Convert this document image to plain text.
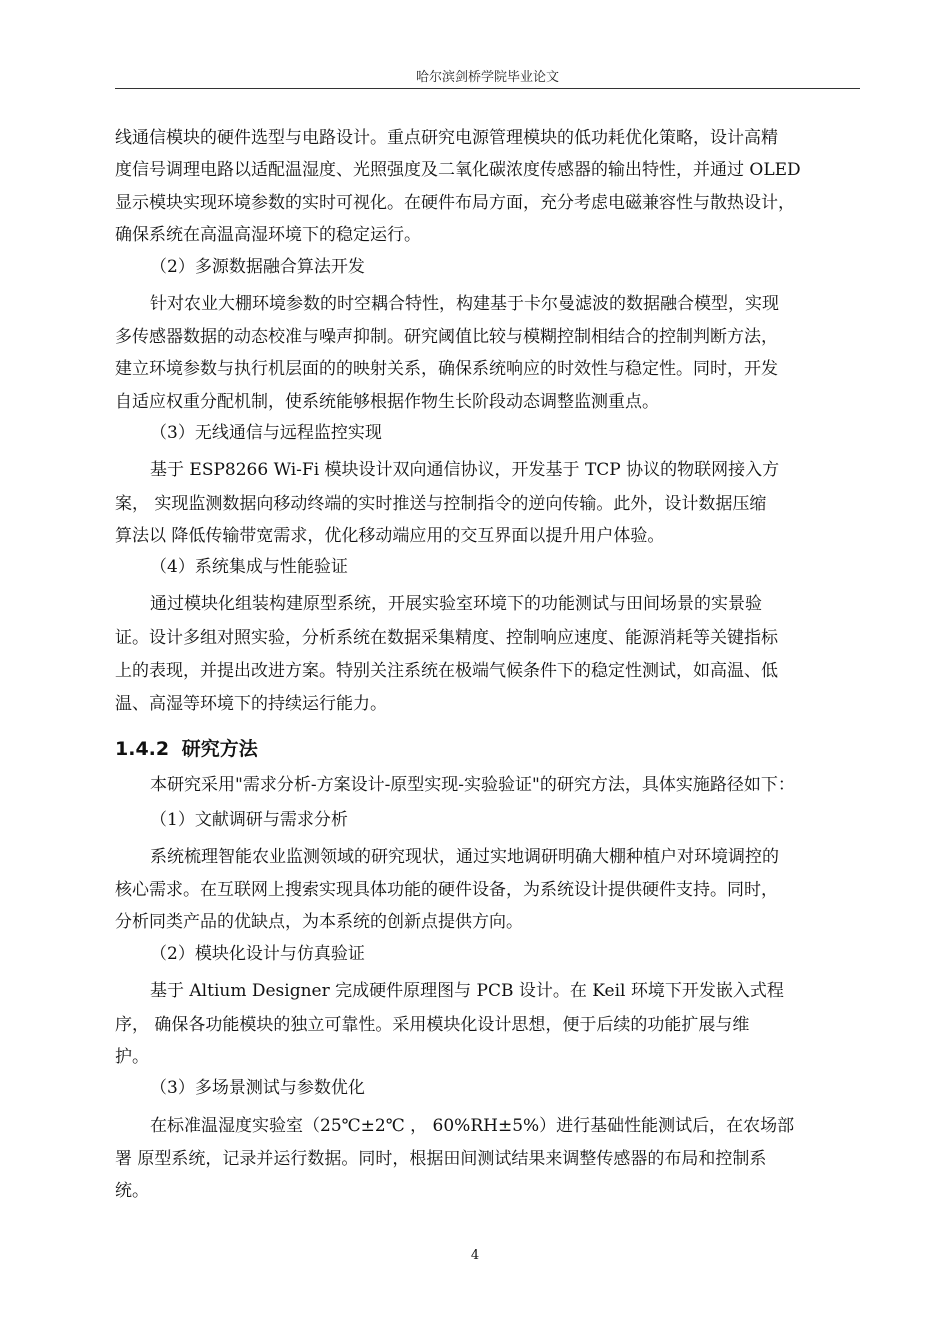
哈尔滨剑桥学院毕业论文
线通信模块的硬件选型与电路设计。重点研究电源管理模块的低功耗优化策略，设计高精
度信号调理电路以适配温湿度、光照强度及二氧化碳浓度传感器的输出特性，并通过 OLED
显示模块实现环境参数的实时可视化。在硬件布局方面，充分考虑电磁兼容性与散热设计，
确保系统在高温高湿环境下的稳定运行。
（2）多源数据融合算法开发
针对农业大棚环境参数的时空耦合特性，构建基于卡尔曼滤波的数据融合模型，实现
多传感器数据的动态校准与噪声抑制。研究阈值比较与模糊控制相结合的控制判断方法，
建立环境参数与执行机层面的的映射关系，确保系统响应的时效性与稳定性。同时，开发
自适应权重分配机制，使系统能够根据作物生长阶段动态调整监测重点。
（3）无线通信与远程监控实现
基于 ESP8266 Wi-Fi 模块设计双向通信协议，开发基于 TCP 协议的物联网接入方
案， 实现监测数据向移动终端的实时推送与控制指令的逆向传输。此外，设计数据压缩
算法以 降低传输带宽需求，优化移动端应用的交互界面以提升用户体验。
（4）系统集成与性能验证
通过模块化组装构建原型系统，开展实验室环境下的功能测试与田间场景的实景验
证。设计多组对照实验，分析系统在数据采集精度、控制响应速度、能源消耗等关键指标
上的表现，并提出改进方案。特别关注系统在极端气候条件下的稳定性测试，如高温、低
温、高湿等环境下的持续运行能力。
1.4.2 研究方法
本研究采用"需求分析-方案设计-原型实现-实验验证"的研究方法，具体实施路径如下：
（1）文献调研与需求分析
系统梳理智能农业监测领域的研究现状，通过实地调研明确大棚种植户对环境调控的
核心需求。在互联网上搜索实现具体功能的硬件设备，为系统设计提供硬件支持。同时，
分析同类产品的优缺点，为本系统的创新点提供方向。
（2）模块化设计与仿真验证
基于 Altium Designer 完成硬件原理图与 PCB 设计。在 Keil 环境下开发嵌入式程
序， 确保各功能模块的独立可靠性。采用模块化设计思想，便于后续的功能扩展与维
护。
（3）多场景测试与参数优化
在标准温湿度实验室（25℃±2℃ ， 60%RH±5%）进行基础性能测试后，在农场部
署 原型系统，记录并运行数据。同时，根据田间测试结果来调整传感器的布局和控制系
统。
4
